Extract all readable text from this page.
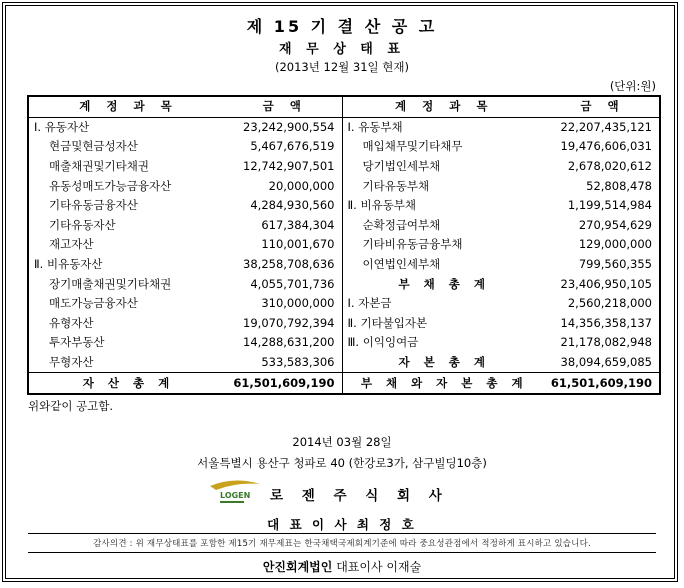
제 15 기 결 산 공 고
재 무 상 태 표
(2013년 12월 31일 현재)
(단위:원)
계 정 과 목	금 액	계 정 과 목	금 액
Ⅰ. 유동자산	23,242,900,554	Ⅰ. 유동부채	22,207,435,121
현금및현금성자산	5,467,676,519	매입채무및기타채무	19,476,606,031
매출채권및기타채권	12,742,907,501	당기법인세부채	2,678,020,612
유동성매도가능금융자산	20,000,000	기타유동부채	52,808,478
기타유동금융자산	4,284,930,560	Ⅱ. 비유동부채	1,199,514,984
기타유동자산	617,384,304	순확정급여부채	270,954,629
재고자산	110,001,670	기타비유동금융부채	129,000,000
Ⅱ. 비유동자산	38,258,708,636	이연법인세부채	799,560,355
장기매출채권및기타채권	4,055,701,736	부 채 총 계	23,406,950,105
매도가능금융자산	310,000,000	Ⅰ. 자본금	2,560,218,000
유형자산	19,070,792,394	Ⅱ. 기타불입자본	14,356,358,137
투자부동산	14,288,631,200	Ⅲ. 이익잉여금	21,178,082,948
무형자산	533,583,306	자 본 총 계	38,094,659,085
자 산 총 계	61,501,609,190	부 채 와 자 본 총 계	61,501,609,190
위와같이 공고함.
2014년 03월 28일
서울특별시 용산구 청파로 40 (한강로3가, 삼구빌딩10층)
LOGEN 로 젠 주 식 회 사
대 표 이 사 최 정 호
감사의견 : 위 재무상태표를 포함한 제15기 재무제표는 한국채택국제회계기준에 따라 중요성관점에서 적정하게 표시하고 있습니다.
안진회계법인 대표이사 이재술
